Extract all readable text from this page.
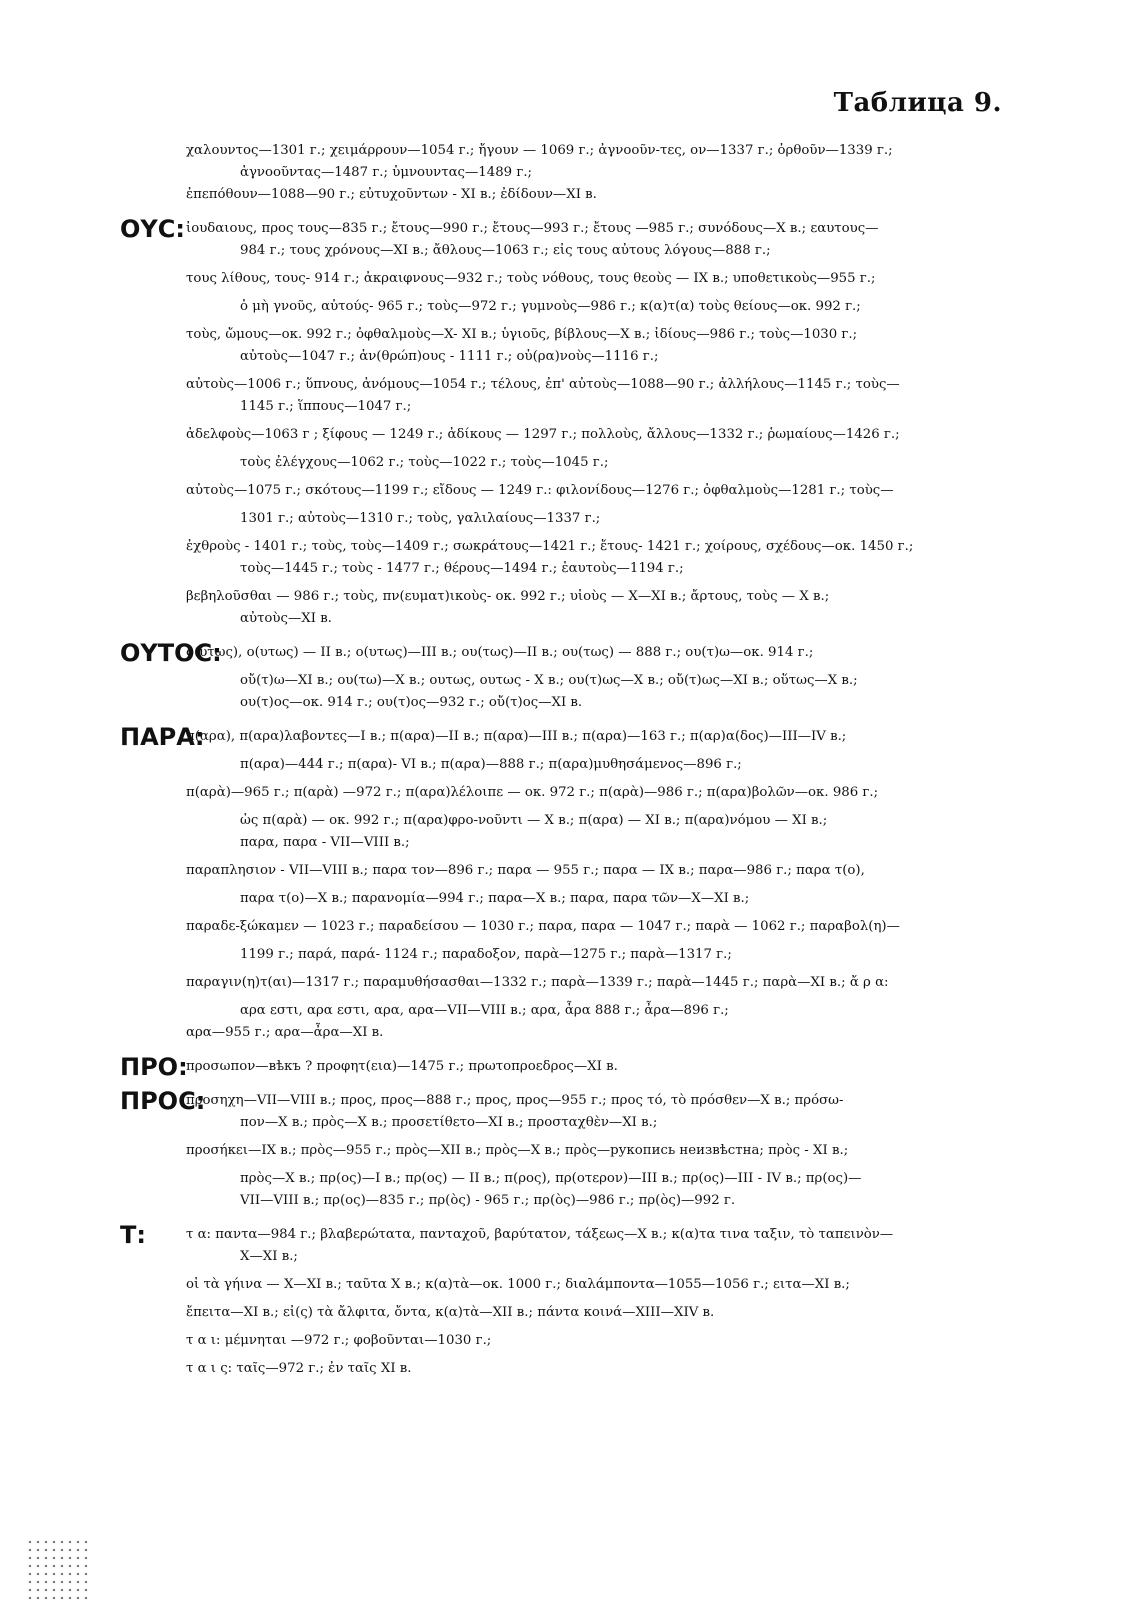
Таблица 9.
χαλουντος—1301 г.; χειμάρρουν—1054 г.; ἤγουν — 1069 г.; ἀγνοοῦν-τες, ον—1337 г.; ὀρθοῦν—1339 г.;
ἀγνοοῦντας—1487 г.; ὑμνουντας—1489 г.;
ἐπεπόθουν—1088—90 г.; εὐτυχοῦντων - XI в.; ἐδίδουν—XI в.
ΟΥϹ: ἰουδαιους, προς τους—835 г.; ἔτους—990 г.; ἔτους—993 г.; ἔτους —985 г.; συνόδους—X в.; εαυτους—
984 г.; τους χρόνους—XI в.; ἄθλους—1063 г.; εἰς τους αὐτους λόγους—888 г.;
τους λίθους, τους- 914 г.; ἀκραιφνους—932 г.; τοὺς νόθους, τους θεοὺς — IX в.; υποθετικοὺς—955 г.;
ὁ μὴ γνοῦς, αὐτούς- 965 г.; τοὺς—972 г.; γυμνοὺς—986 г.; κ(α)τ(α) τοὺς θείους—ок. 992 г.;
τοὺς, ὤμους—ок. 992 г.; ὀφθαλμοὺς—X- XI в.; ὑγιοῦς, βίβλους—X в.; ἰδίους—986 г.; τοὺς—1030 г.;
αὐτοὺς—1047 г.; ἀν(θρώπ)ους - 1111 г.; οὐ(ρα)νοὺς—1116 г.;
αὐτοὺς—1006 г.; ὕπνους, ἀνόμους—1054 г.; τέλους, ἐπ' αὐτοὺς—1088—90 г.; ἀλλήλους—1145 г.; τοὺς—
1145 г.; ἵππους—1047 г.;
ἀδελφοὺς—1063 г ; ξίφους — 1249 г.; ἀδίκους — 1297 г.; πολλοὺς, ἄλλους—1332 г.; ῥωμαίους—1426 г.;
τοὺς ἐλέγχους—1062 г.; τοὺς—1022 г.; τοὺς—1045 г.;
αὐτοὺς—1075 г.; σκότους—1199 г.; εἴδους — 1249 г.: φιλονίδους—1276 г.; ὀφθαλμοὺς—1281 г.; τοὺς—
1301 г.; αὐτοὺς—1310 г.; τοὺς, γαλιλαίους—1337 г.;
ἐχθροὺς - 1401 г.; τοὺς, τοὺς—1409 г.; σωκράτους—1421 г.; ἔτους- 1421 г.; χοίρους, σχέδους—ок. 1450 г.;
τοὺς—1445 г.; τοὺς - 1477 г.; θέρους—1494 г.; ἑαυτοὺς—1194 г.;
βεβηλοῦσθαι — 986 г.; τοὺς, πν(ευματ)ικοὺς- ок. 992 г.; υἱοὺς — X—XI в.; ἄρτους, τοὺς — X в.;
αὐτοὺς—XI в.
ΟΥΤΟϹ:
ο(υτως), ο(υτως) — II в.; ο(υτως)—III в.; ου(τως)—II в.; ου(τως) — 888 г.; ου(τ)ω—ок. 914 г.;
οὔ(τ)ω—XI в.; ου(τω)—X в.; ουτως, ουτως - X в.; ου(τ)ως—X в.; οὔ(τ)ως—XI в.; οὕτως—X в.;
ου(τ)ος—ок. 914 г.; ου(τ)ος—932 г.; οὔ(τ)ος—XI в.
ΠΑΡΑ:
π(αρα), π(αρα)λαβοντες—I в.; π(αρα)—II в.; π(αρα)—III в.; π(αρα)—163 г.; π(αρ)α(δος)—III—IV в.;
π(αρα)—444 г.; π(αρα)- VI в.; π(αρα)—888 г.; π(αρα)μυθησάμενος—896 г.;
π(αρὰ)—965 г.; π(αρὰ) —972 г.; π(αρα)λέλοιπε — ок. 972 г.; π(αρὰ)—986 г.; π(αρα)βολῶν—ок. 986 г.;
ὡς π(αρὰ) — ок. 992 г.; π(αρα)φρο-νοῦντι — X в.; π(αρα) — XI в.; π(αρα)νόμου — XI в.;
παρα, παρα - VII—VIII в.;
παραπλησιον - VII—VIII в.; παρα τον—896 г.; παρα — 955 г.; παρα — IX в.; παρα—986 г.; παρα τ(ο),
παρα τ(ο)—X в.; παρανομία—994 г.; παρα—X в.; παρα, παρα τῶν—X—XI в.;
παραδε-ξώκαμεν — 1023 г.; παραδείσου — 1030 г.; παρα, παρα — 1047 г.; παρὰ — 1062 г.; παραβολ(η)—
1199 г.; παρά, παρά- 1124 г.; παραδοξον, παρὰ—1275 г.; παρὰ—1317 г.;
παραγιν(η)τ(αι)—1317 г.; παραμυθήσασθαι—1332 г.; παρὰ—1339 г.; παρὰ—1445 г.; παρὰ—XI в.; ἄ ρ α:
αρα εστι, αρα εστι, αρα, αρα—VII—VIII в.; αρα, ἆρα 888 г.; ἆρα—896 г.;
αρα—955 г.; αρα—ἆρα—XI в.
ΠΡΟ:
προσωπον—вѣкъ ? προφητ(εια)—1475 г.; πρωτοπροεδρος—XI в.
ΠΡΟϹ:
προσηχη—VII—VIII в.; προς, προς—888 г.; προς, προς—955 г.; προς τό, τὸ πρόσθεν—X в.; πρόσω-
πον—X в.; πρὸς—X в.; προσετίθετο—XI в.; προσταχθὲν—XI в.;
προσήκει—IX в.; πρὸς—955 г.; πρὸς—XII в.; πρὸς—X в.; πρὸς—рукопись неизвѣстна; πρὸς - XI в.;
πρὸς—X в.; πρ(ος)—I в.; πρ(ος) — II в.; π(ρος), πρ(οτερον)—III в.; πρ(ος)—III - IV в.; πρ(ος)—
VII—VIII в.; πρ(ος)—835 г.; πρ(ὸς) - 965 г.; πρ(ὸς)—986 г.; πρ(ὸς)—992 г.
Τ:	τ α: παντα—984 г.; βλαβερώτατα, πανταχοῦ, βαρύτατον, τάξεως—X в.; κ(α)τα τινα ταξιν, τὸ ταπεινὸν—
X—XI в.;
οἱ τὰ γήινα — X—XI в.; ταῦτα X в.; κ(α)τὰ—ок. 1000 г.; διαλάμποντα—1055—1056 г.; ειτα—XI в.;
ἔπειτα—XI в.; εἰ(ς) τὰ ἄλφιτα, ὄντα, κ(α)τὰ—XII в.; πάντα κοινά—XIII—XIV в.
τ α ι: μέμνηται —972 г.; φοβοῦνται—1030 г.;
τ α ι ς: ταῖς—972 г.; ἐν ταῖς XI в.
